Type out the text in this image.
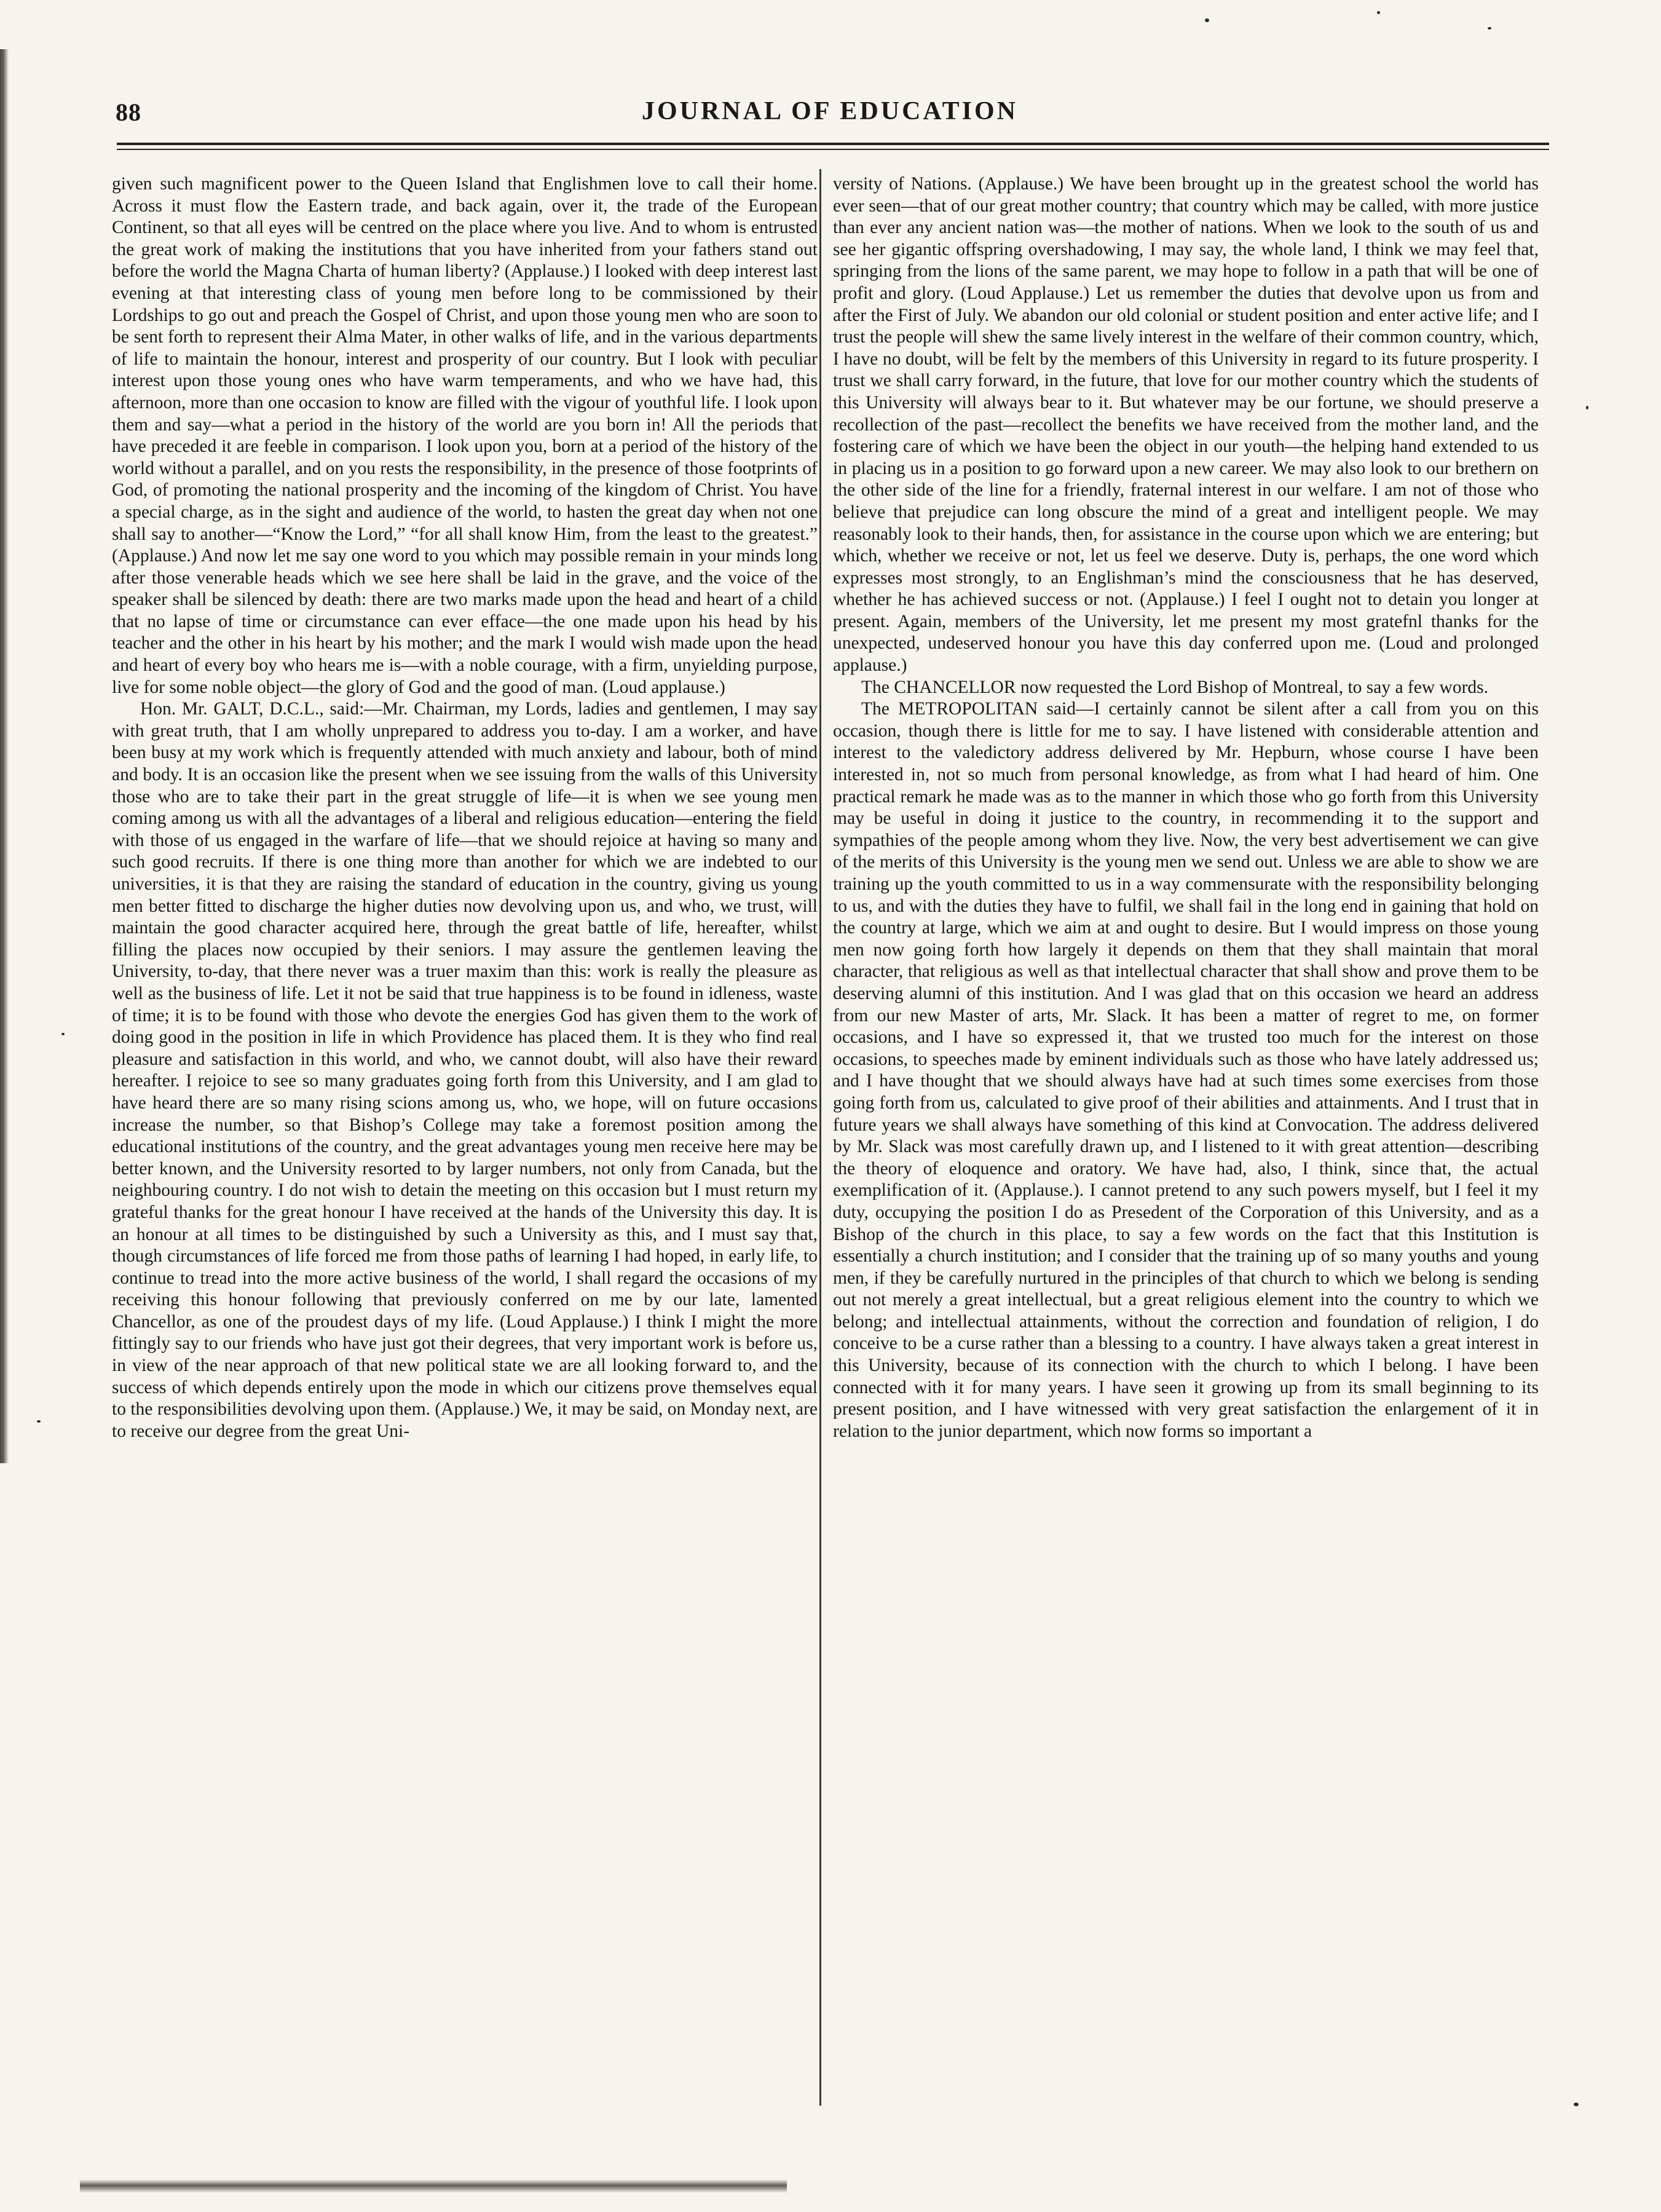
88	JOURNAL OF EDUCATION

given such magnificent power to the Queen Island that Englishmen love to call their home. Across it must flow the Eastern trade, and back again, over it, the trade of the European Continent, so that all eyes will be centred on the place where you live. And to whom is entrusted the great work of making the institutions that you have inherited from your fathers stand out before the world the Magna Charta of human liberty? (Applause.) I looked with deep interest last evening at that interesting class of young men before long to be commissioned by their Lordships to go out and preach the Gospel of Christ, and upon those young men who are soon to be sent forth to represent their Alma Mater, in other walks of life, and in the various departments of life to maintain the honour, interest and prosperity of our country. But I look with peculiar interest upon those young ones who have warm temperaments, and who we have had, this afternoon, more than one occasion to know are filled with the vigour of youthful life. I look upon them and say—what a period in the history of the world are you born in! All the periods that have preceded it are feeble in comparison. I look upon you, born at a period of the history of the world without a parallel, and on you rests the responsibility, in the presence of those footprints of God, of promoting the national prosperity and the incoming of the kingdom of Christ. You have a special charge, as in the sight and audience of the world, to hasten the great day when not one shall say to another—“Know the Lord,” “for all shall know Him, from the least to the greatest.” (Applause.) And now let me say one word to you which may possible remain in your minds long after those venerable heads which we see here shall be laid in the grave, and the voice of the speaker shall be silenced by death: there are two marks made upon the head and heart of a child that no lapse of time or circumstance can ever efface—the one made upon his head by his teacher and the other in his heart by his mother; and the mark I would wish made upon the head and heart of every boy who hears me is—with a noble courage, with a firm, unyielding purpose, live for some noble object—the glory of God and the good of man. (Loud applause.)

Hon. Mr. GALT, D.C.L., said:—Mr. Chairman, my Lords, ladies and gentlemen, I may say with great truth, that I am wholly unprepared to address you to-day. I am a worker, and have been busy at my work which is frequently attended with much anxiety and labour, both of mind and body. It is an occasion like the present when we see issuing from the walls of this University those who are to take their part in the great struggle of life—it is when we see young men coming among us with all the advantages of a liberal and religious education—entering the field with those of us engaged in the warfare of life—that we should rejoice at having so many and such good recruits. If there is one thing more than another for which we are indebted to our universities, it is that they are raising the standard of education in the country, giving us young men better fitted to discharge the higher duties now devolving upon us, and who, we trust, will maintain the good character acquired here, through the great battle of life, hereafter, whilst filling the places now occupied by their seniors. I may assure the gentlemen leaving the University, to-day, that there never was a truer maxim than this: work is really the pleasure as well as the business of life. Let it not be said that true happiness is to be found in idleness, waste of time; it is to be found with those who devote the energies God has given them to the work of doing good in the position in life in which Providence has placed them. It is they who find real pleasure and satisfaction in this world, and who, we cannot doubt, will also have their reward hereafter. I rejoice to see so many graduates going forth from this University, and I am glad to have heard there are so many rising scions among us, who, we hope, will on future occasions increase the number, so that Bishop’s College may take a foremost position among the educational institutions of the country, and the great advantages young men receive here may be better known, and the University resorted to by larger numbers, not only from Canada, but the neighbouring country. I do not wish to detain the meeting on this occasion but I must return my grateful thanks for the great honour I have received at the hands of the University this day. It is an honour at all times to be distinguished by such a University as this, and I must say that, though circumstances of life forced me from those paths of learning I had hoped, in early life, to continue to tread into the more active business of the world, I shall regard the occasions of my receiving this honour following that previously conferred on me by our late, lamented Chancellor, as one of the proudest days of my life. (Loud Applause.) I think I might the more fittingly say to our friends who have just got their degrees, that very important work is before us, in view of the near approach of that new political state we are all looking forward to, and the success of which depends entirely upon the mode in which our citizens prove themselves equal to the responsibilities devolving upon them. (Applause.) We, it may be said, on Monday next, are to receive our degree from the great Uni-

versity of Nations. (Applause.) We have been brought up in the greatest school the world has ever seen—that of our great mother country; that country which may be called, with more justice than ever any ancient nation was—the mother of nations. When we look to the south of us and see her gigantic offspring overshadowing, I may say, the whole land, I think we may feel that, springing from the lions of the same parent, we may hope to follow in a path that will be one of profit and glory. (Loud Applause.) Let us remember the duties that devolve upon us from and after the First of July. We abandon our old colonial or student position and enter active life; and I trust the people will shew the same lively interest in the welfare of their common country, which, I have no doubt, will be felt by the members of this University in regard to its future prosperity. I trust we shall carry forward, in the future, that love for our mother country which the students of this University will always bear to it. But whatever may be our fortune, we should preserve a recollection of the past—recollect the benefits we have received from the mother land, and the fostering care of which we have been the object in our youth—the helping hand extended to us in placing us in a position to go forward upon a new career. We may also look to our brethern on the other side of the line for a friendly, fraternal interest in our welfare. I am not of those who believe that prejudice can long obscure the mind of a great and intelligent people. We may reasonably look to their hands, then, for assistance in the course upon which we are entering; but which, whether we receive or not, let us feel we deserve. Duty is, perhaps, the one word which expresses most strongly, to an Englishman’s mind the consciousness that he has deserved, whether he has achieved success or not. (Applause.) I feel I ought not to detain you longer at present. Again, members of the University, let me present my most gratefnl thanks for the unexpected, undeserved honour you have this day conferred upon me. (Loud and prolonged applause.)

The CHANCELLOR now requested the Lord Bishop of Montreal, to say a few words.

The METROPOLITAN said—I certainly cannot be silent after a call from you on this occasion, though there is little for me to say. I have listened with considerable attention and interest to the valedictory address delivered by Mr. Hepburn, whose course I have been interested in, not so much from personal knowledge, as from what I had heard of him. One practical remark he made was as to the manner in which those who go forth from this University may be useful in doing it justice to the country, in recommending it to the support and sympathies of the people among whom they live. Now, the very best advertisement we can give of the merits of this University is the young men we send out. Unless we are able to show we are training up the youth committed to us in a way commensurate with the responsibility belonging to us, and with the duties they have to fulfil, we shall fail in the long end in gaining that hold on the country at large, which we aim at and ought to desire. But I would impress on those young men now going forth how largely it depends on them that they shall maintain that moral character, that religious as well as that intellectual character that shall show and prove them to be deserving alumni of this institution. And I was glad that on this occasion we heard an address from our new Master of arts, Mr. Slack. It has been a matter of regret to me, on former occasions, and I have so expressed it, that we trusted too much for the interest on those occasions, to speeches made by eminent individuals such as those who have lately addressed us; and I have thought that we should always have had at such times some exercises from those going forth from us, calculated to give proof of their abilities and attainments. And I trust that in future years we shall always have something of this kind at Convocation. The address delivered by Mr. Slack was most carefully drawn up, and I listened to it with great attention—describing the theory of eloquence and oratory. We have had, also, I think, since that, the actual exemplification of it. (Applause.). I cannot pretend to any such powers myself, but I feel it my duty, occupying the position I do as Presedent of the Corporation of this University, and as a Bishop of the church in this place, to say a few words on the fact that this Institution is essentially a church institution; and I consider that the training up of so many youths and young men, if they be carefully nurtured in the principles of that church to which we belong is sending out not merely a great intellectual, but a great religious element into the country to which we belong; and intellectual attainments, without the correction and foundation of religion, I do conceive to be a curse rather than a blessing to a country. I have always taken a great interest in this University, because of its connection with the church to which I belong. I have been connected with it for many years. I have seen it growing up from its small beginning to its present position, and I have witnessed with very great satisfaction the enlargement of it in relation to the junior department, which now forms so important a
